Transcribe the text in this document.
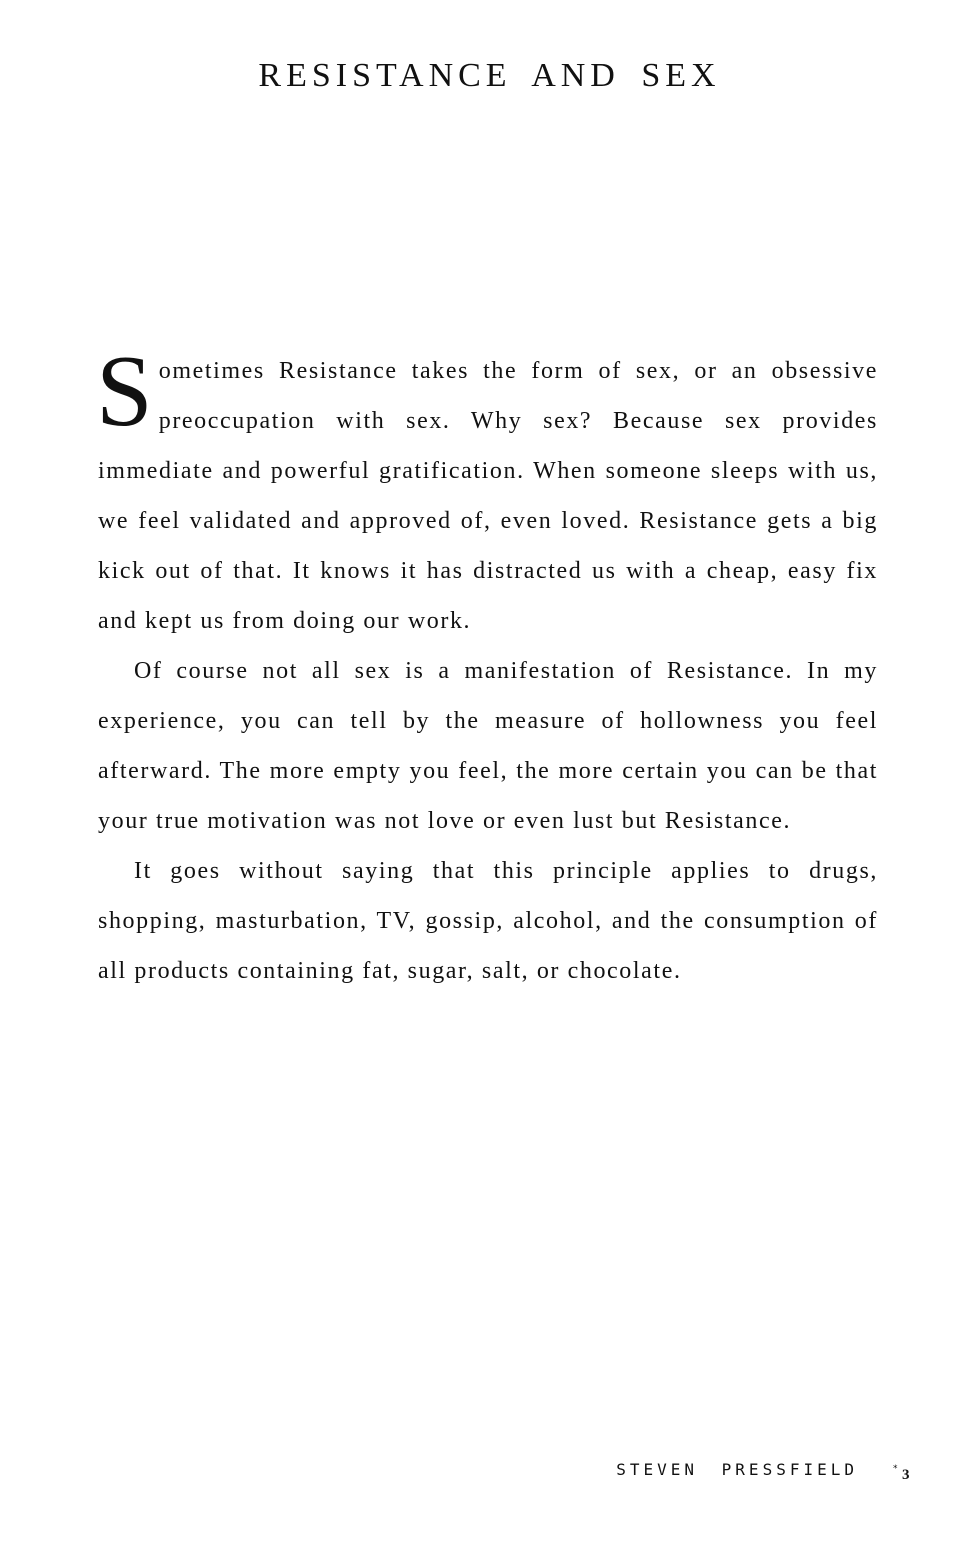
RESISTANCE AND SEX

Sometimes Resistance takes the form of sex, or an obsessive preoccupation with sex. Why sex? Because sex provides immediate and powerful gratification. When someone sleeps with us, we feel validated and approved of, even loved. Resistance gets a big kick out of that. It knows it has distracted us with a cheap, easy fix and kept us from doing our work.

Of course not all sex is a manifestation of Resistance. In my experience, you can tell by the measure of hollowness you feel afterward. The more empty you feel, the more certain you can be that your true motivation was not love or even lust but Resistance.

It goes without saying that this principle applies to drugs, shopping, masturbation, TV, gossip, alcohol, and the consumption of all products containing fat, sugar, salt, or chocolate.

STEVEN PRESSFIELD	* 3
